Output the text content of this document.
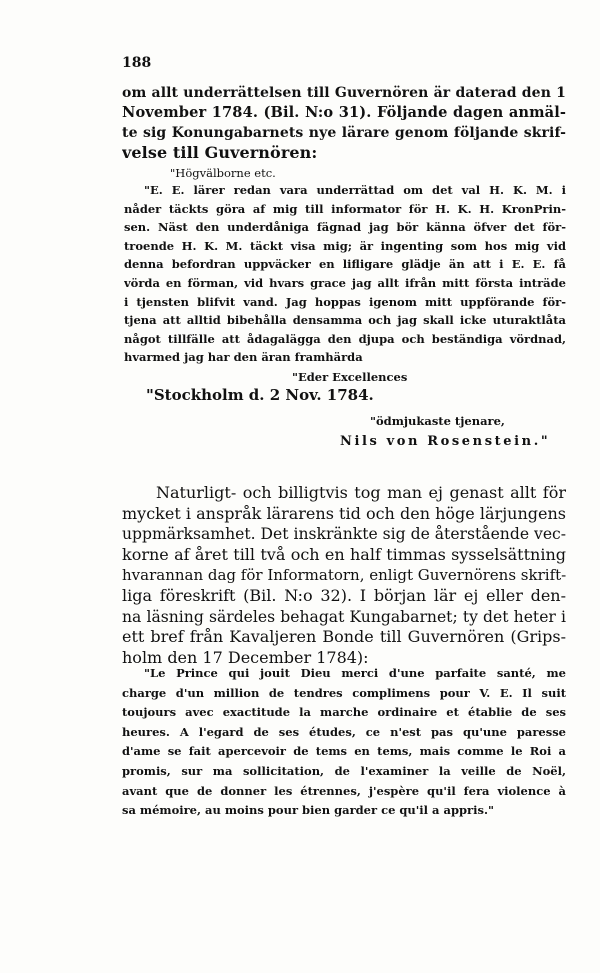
188
om allt underrättelsen till Guvernören är daterad den 1
November 1784. (Bil. N:o 31). Följande dagen anmäl-
te sig Konungabarnets nye lärare genom följande skrif-
velse till Guvernören:
"Högvälborne etc.
"E. E. lärer redan vara underrättad om det val H. K. M. i
nåder täckts göra af mig till informator för H. K. H. KronPrin-
sen. Näst den underdåniga fägnad jag bör känna öfver det för-
troende H. K. M. täckt visa mig; är ingenting som hos mig vid
denna befordran uppväcker en lifligare glädje än att i E. E. få
vörda en förman, vid hvars grace jag allt ifrån mitt första inträde
i tjensten blifvit vand. Jag hoppas igenom mitt uppförande för-
tjena att alltid bibehålla densamma och jag skall icke uturaktlåta
något tillfälle att ådagalägga den djupa och beständiga vördnad,
hvarmed jag har den äran framhärda
"Eder Excellences
"Stockholm d. 2 Nov. 1784.
"ödmjukaste tjenare,
Nils von Rosenstein."
Naturligt- och billigtvis tog man ej genast allt för
mycket i anspråk lärarens tid och den höge lärjungens
uppmärksamhet. Det inskränkte sig de återstående vec-
korne af året till två och en half timmas sysselsättning
hvarannan dag för Informatorn, enligt Guvernörens skrift-
liga föreskrift (Bil. N:o 32). I början lär ej eller den-
na läsning särdeles behagat Kungabarnet; ty det heter i
ett bref från Kavaljeren Bonde till Guvernören (Grips-
holm den 17 December 1784):
"Le Prince qui jouit Dieu merci d'une parfaite santé, me
charge d'un million de tendres complimens pour V. E. Il suit
toujours avec exactitude la marche ordinaire et établie de ses
heures. A l'egard de ses études, ce n'est pas qu'une paresse
d'ame se fait apercevoir de tems en tems, mais comme le Roi a
promis, sur ma sollicitation, de l'examiner la veille de Noël,
avant que de donner les étrennes, j'espère qu'il fera violence à
sa mémoire, au moins pour bien garder ce qu'il a appris."
